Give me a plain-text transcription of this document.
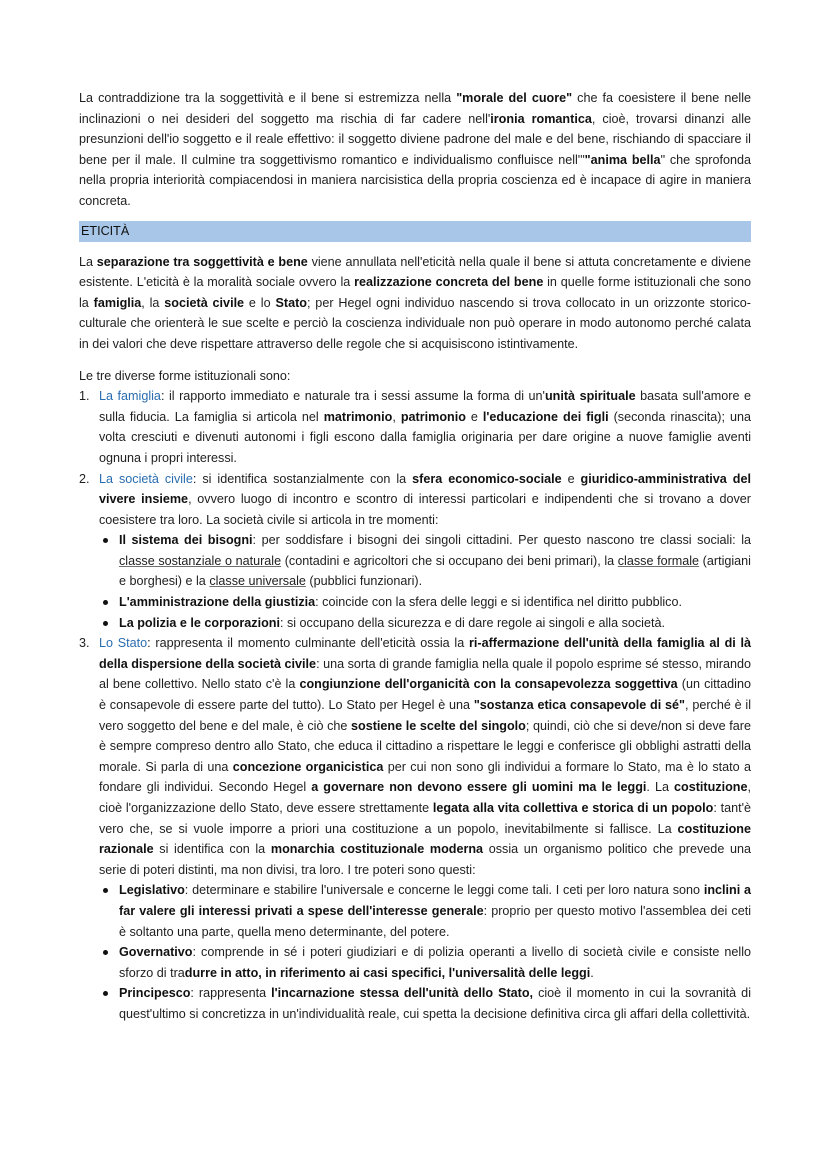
La contraddizione tra la soggettività e il bene si estremizza nella "morale del cuore" che fa coesistere il bene nelle inclinazioni o nei desideri del soggetto ma rischia di far cadere nell'ironia romantica, cioè, trovarsi dinanzi alle presunzioni dell'io soggetto e il reale effettivo: il soggetto diviene padrone del male e del bene, rischiando di spacciare il bene per il male. Il culmine tra soggettivismo romantico e individualismo confluisce nell'""anima bella" che sprofonda nella propria interiorità compiacendosi in maniera narcisistica della propria coscienza ed è incapace di agire in maniera concreta.

ETICITÀ

La separazione tra soggettività e bene viene annullata nell'eticità nella quale il bene si attuta concretamente e diviene esistente. L'eticità è la moralità sociale ovvero la realizzazione concreta del bene in quelle forme istituzionali che sono la famiglia, la società civile e lo Stato; per Hegel ogni individuo nascendo si trova collocato in un orizzonte storico-culturale che orienterà le sue scelte e perciò la coscienza individuale non può operare in modo autonomo perché calata in dei valori che deve rispettare attraverso delle regole che si acquisiscono istintivamente.

Le tre diverse forme istituzionali sono:

1. La famiglia: il rapporto immediato e naturale tra i sessi assume la forma di un'unità spirituale basata sull'amore e sulla fiducia. La famiglia si articola nel matrimonio, patrimonio e l'educazione dei figli (seconda rinascita); una volta cresciuti e divenuti autonomi i figli escono dalla famiglia originaria per dare origine a nuove famiglie aventi ognuna i propri interessi.

2. La società civile: si identifica sostanzialmente con la sfera economico-sociale e giuridico-amministrativa del vivere insieme, ovvero luogo di incontro e scontro di interessi particolari e indipendenti che si trovano a dover coesistere tra loro. La società civile si articola in tre momenti:

Il sistema dei bisogni: per soddisfare i bisogni dei singoli cittadini. Per questo nascono tre classi sociali: la classe sostanziale o naturale (contadini e agricoltori che si occupano dei beni primari), la classe formale (artigiani e borghesi) e la classe universale (pubblici funzionari).

L'amministrazione della giustizia: coincide con la sfera delle leggi e si identifica nel diritto pubblico.

La polizia e le corporazioni: si occupano della sicurezza e di dare regole ai singoli e alla società.

3. Lo Stato: rappresenta il momento culminante dell'eticità ossia la ri-affermazione dell'unità della famiglia al di là della dispersione della società civile: una sorta di grande famiglia nella quale il popolo esprime sé stesso, mirando al bene collettivo. Nello stato c'è la congiunzione dell'organicità con la consapevolezza soggettiva (un cittadino è consapevole di essere parte del tutto). Lo Stato per Hegel è una "sostanza etica consapevole di sé", perché è il vero soggetto del bene e del male, è ciò che sostiene le scelte del singolo; quindi, ciò che si deve/non si deve fare è sempre compreso dentro allo Stato, che educa il cittadino a rispettare le leggi e conferisce gli obblighi astratti della morale. Si parla di una concezione organicistica per cui non sono gli individui a formare lo Stato, ma è lo stato a fondare gli individui. Secondo Hegel a governare non devono essere gli uomini ma le leggi. La costituzione, cioè l'organizzazione dello Stato, deve essere strettamente legata alla vita collettiva e storica di un popolo: tant'è vero che, se si vuole imporre a priori una costituzione a un popolo, inevitabilmente si fallisce. La costituzione razionale si identifica con la monarchia costituzionale moderna ossia un organismo politico che prevede una serie di poteri distinti, ma non divisi, tra loro. I tre poteri sono questi:

Legislativo: determinare e stabilire l'universale e concerne le leggi come tali. I ceti per loro natura sono inclini a far valere gli interessi privati a spese dell'interesse generale: proprio per questo motivo l'assemblea dei ceti è soltanto una parte, quella meno determinante, del potere.

Governativo: comprende in sé i poteri giudiziari e di polizia operanti a livello di società civile e consiste nello sforzo di tradurre in atto, in riferimento ai casi specifici, l'universalità delle leggi.

Principesco: rappresenta l'incarnazione stessa dell'unità dello Stato, cioè il momento in cui la sovranità di quest'ultimo si concretizza in un'individualità reale, cui spetta la decisione definitiva circa gli affari della collettività.
